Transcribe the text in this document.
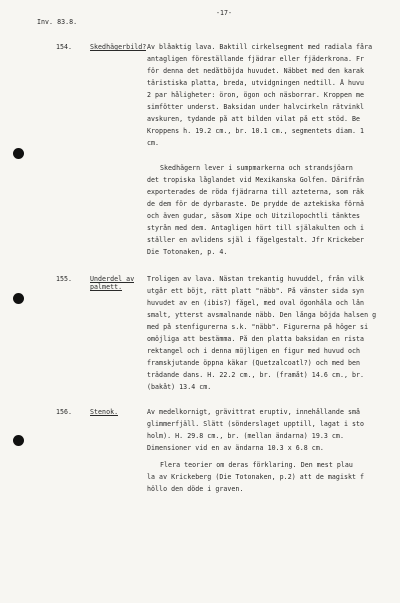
Inv. 83.8.
-17-
154.	Skedhägerbild? Av blåaktig lava. Baktill cirkelsegment med radiala fåra
antagligen föreställande fjädrar eller fjäderkrona. Fr
för denna det nedåtböjda huvudet. Näbbet med den karak
täristiska platta, breda, utvidgningen nedtill. Å huvu
2 par håligheter: öron, ögon och näsborrar. Kroppen me
simfötter underst. Baksidan under halvcirkeln rätvinkl
avskuren, tydande på att bilden vilat på ett stöd. Be
Kroppens h. 19.2 cm., br. 10.1 cm., segmentets diam. 1
cm.
Skedhägern lever i sumpmarkerna och strandsjöarn
det tropiska låglandet vid Mexikanska Golfen. Därifrån
exporterades de röda fjädrarna till azteterna, som räk
de dem för de dyrbaraste. De prydde de aztekiska förnä
och även gudar, såsom Xipe och Uitzilopochtli tänktes
styrån med dem. Antagligen hört till själakulten och i
ställer en avlidens själ i fågelgestalt. Jfr Krickeber
Die Totonaken, p. 4.
155.	Underdel av
palmett.
Troligen av lava. Nästan trekantig huvuddel, från vilk
utgår ett böjt, rätt platt "näbb". På vänster sida syn
huvudet av en (ibis?) fågel, med oval ögonhåla och lån
smalt, ytterst avsmalnande näbb. Den långa böjda halsen g
med på stenfigurerna s.k. "näbb". Figurerna på höger si
omöjliga att bestämma. På den platta baksidan en rista
rektangel och i denna möjligen en figur med huvud och
framskjutande öppna käkar (Quetzalcoatl?) och med ben
trädande dans. H. 22.2 cm., br. (framåt) 14.6 cm., br.
(bakåt) 13.4 cm.
156.	Stenok.	Av medelkornigt, grävittrat eruptiv, innehållande små
glimmerfjäll. Slätt (sönderslaget upptill, lagat i sto
holm). H. 29.8 cm., br. (mellan ändarna) 19.3 cm.
Dimensioner vid en av ändarna 10.3 x 6.8 cm.
Flera teorier om deras förklaring. Den mest plau
la av Krickeberg (Die Totonaken, p.2) att de magiskt f
höllo den döde i graven.
